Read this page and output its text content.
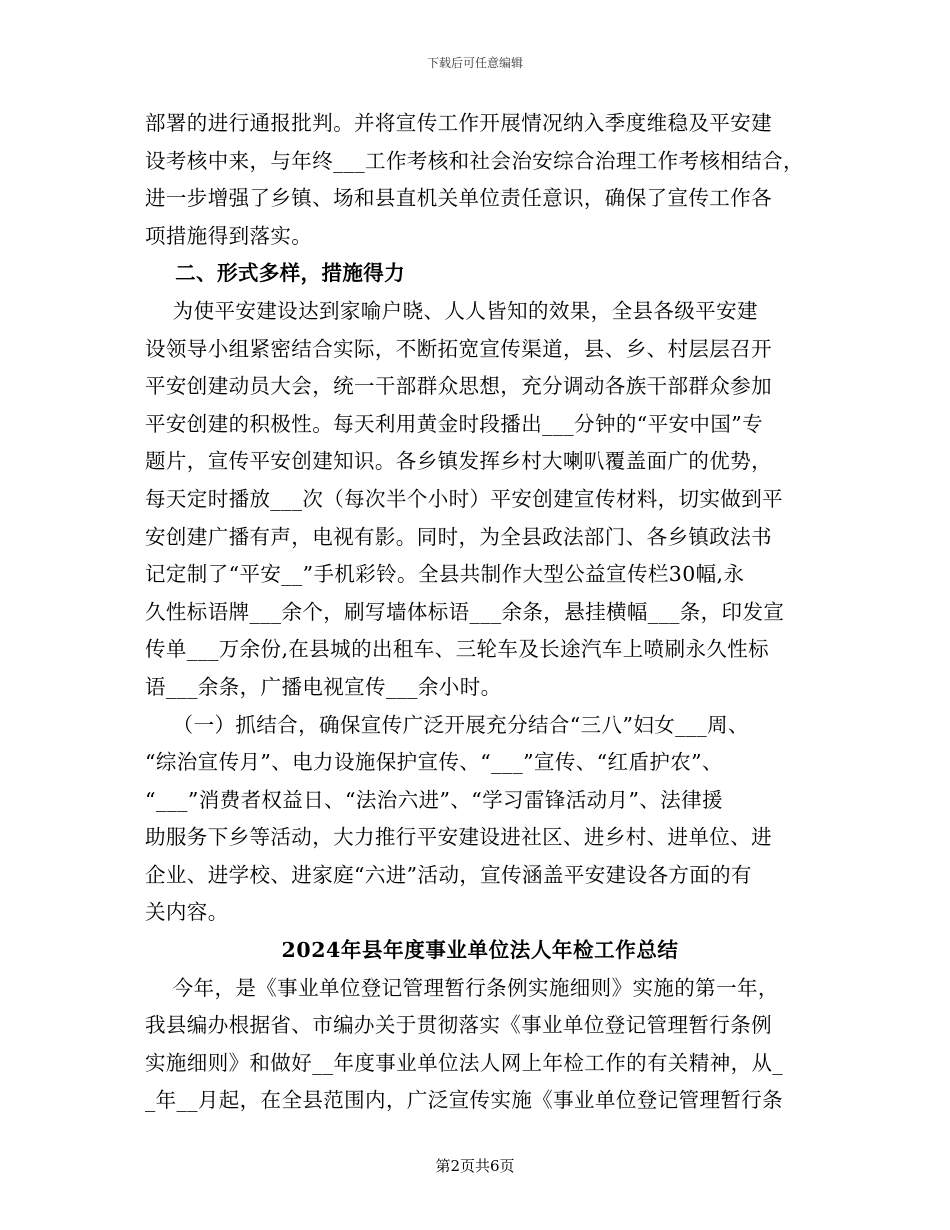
下载后可任意编辑
部署的进行通报批判。并将宣传工作开展情况纳入季度维稳及平安建
设考核中来，与年终___工作考核和社会治安综合治理工作考核相结合，
进一步增强了乡镇、场和县直机关单位责任意识，确保了宣传工作各
项措施得到落实。
二、形式多样，措施得力
为使平安建设达到家喻户晓、人人皆知的效果，全县各级平安建
设领导小组紧密结合实际，不断拓宽宣传渠道，县、乡、村层层召开
平安创建动员大会，统一干部群众思想，充分调动各族干部群众参加
平安创建的积极性。每天利用黄金时段播出___分钟的“平安中国”专
题片，宣传平安创建知识。各乡镇发挥乡村大喇叭覆盖面广的优势，
每天定时播放___次（每次半个小时）平安创建宣传材料，切实做到平
安创建广播有声，电视有影。同时，为全县政法部门、各乡镇政法书
记定制了“平安__”手机彩铃。全县共制作大型公益宣传栏30幅,永
久性标语牌___余个，刷写墙体标语___余条，悬挂横幅___条，印发宣
传单___万余份,在县城的出租车、三轮车及长途汽车上喷刷永久性标
语___余条，广播电视宣传___余小时。
（一）抓结合，确保宣传广泛开展充分结合“三八”妇女___周、
“综治宣传月”、电力设施保护宣传、“___”宣传、“红盾护农”、
“___”消费者权益日、“法治六进”、“学习雷锋活动月”、法律援
助服务下乡等活动，大力推行平安建设进社区、进乡村、进单位、进
企业、进学校、进家庭“六进”活动，宣传涵盖平安建设各方面的有
关内容。
2024年县年度事业单位法人年检工作总结
今年，是《事业单位登记管理暂行条例实施细则》实施的第一年，
我县编办根据省、市编办关于贯彻落实《事业单位登记管理暂行条例
实施细则》和做好__年度事业单位法人网上年检工作的有关精神，从_
_年__月起，在全县范围内，广泛宣传实施《事业单位登记管理暂行条
第2页共6页
